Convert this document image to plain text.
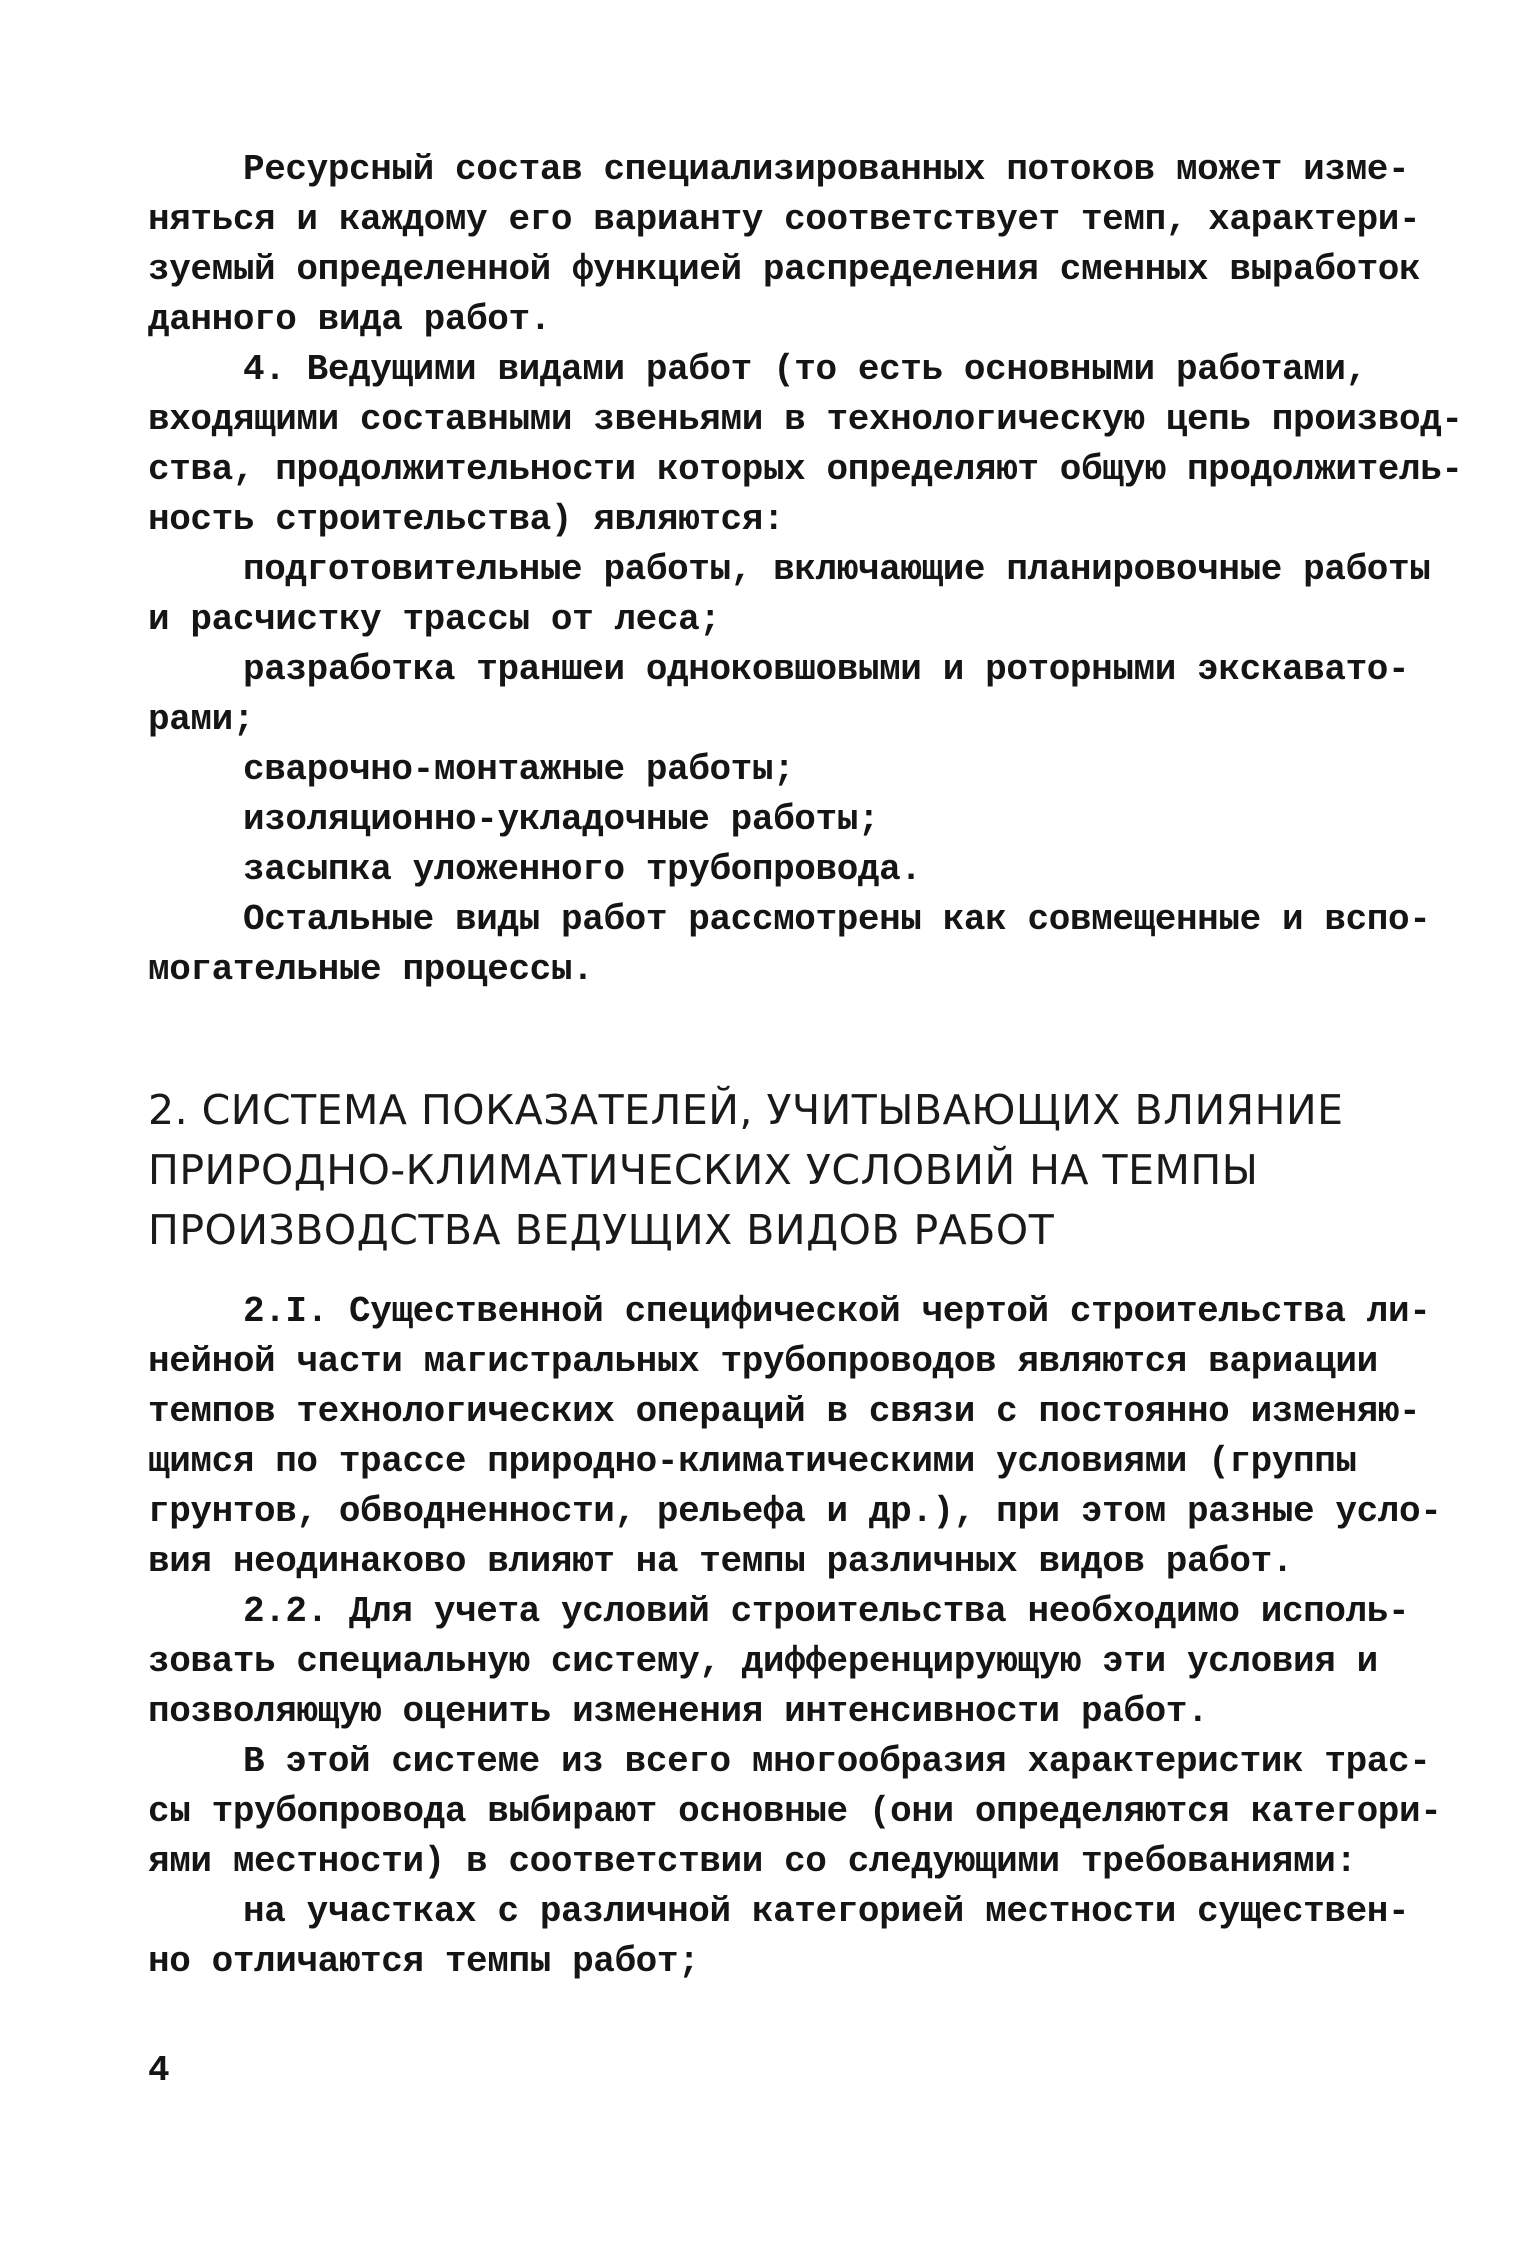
Ресурсный состав специализированных потоков может изме-
няться и каждому его варианту соответствует темп, характери-
зуемый определенной функцией распределения сменных выработок
данного вида работ.
4. Ведущими видами работ (то есть основными работами,
входящими составными звеньями в технологическую цепь производ-
ства, продолжительности которых определяют общую продолжитель-
ность строительства) являются:
подготовительные работы, включающие планировочные работы
и расчистку трассы от леса;
разработка траншеи одноковшовыми и роторными экскавато-
рами;
сварочно-монтажные работы;
изоляционно-укладочные работы;
засыпка уложенного трубопровода.
Остальные виды работ рассмотрены как совмещенные и вспо-
могательные процессы.
2. СИСТЕМА ПОКАЗАТЕЛЕЙ, УЧИТЫВАЮЩИХ ВЛИЯНИЕ
ПРИРОДНО-КЛИМАТИЧЕСКИХ УСЛОВИЙ НА ТЕМПЫ
ПРОИЗВОДСТВА ВЕДУЩИХ ВИДОВ РАБОТ
2.I. Существенной специфической чертой строительства ли-
нейной части магистральных трубопроводов являются вариации
темпов технологических операций в связи с постоянно изменяю-
щимся по трассе природно-климатическими условиями (группы
грунтов, обводненности, рельефа и др.), при этом разные усло-
вия неодинаково влияют на темпы различных видов работ.
2.2. Для учета условий строительства необходимо исполь-
зовать специальную систему, дифференцирующую эти условия и
позволяющую оценить изменения интенсивности работ.
В этой системе из всего многообразия характеристик трас-
сы трубопровода выбирают основные (они определяются категори-
ями местности) в соответствии со следующими требованиями:
на участках с различной категорией местности существен-
но отличаются темпы работ;
4
